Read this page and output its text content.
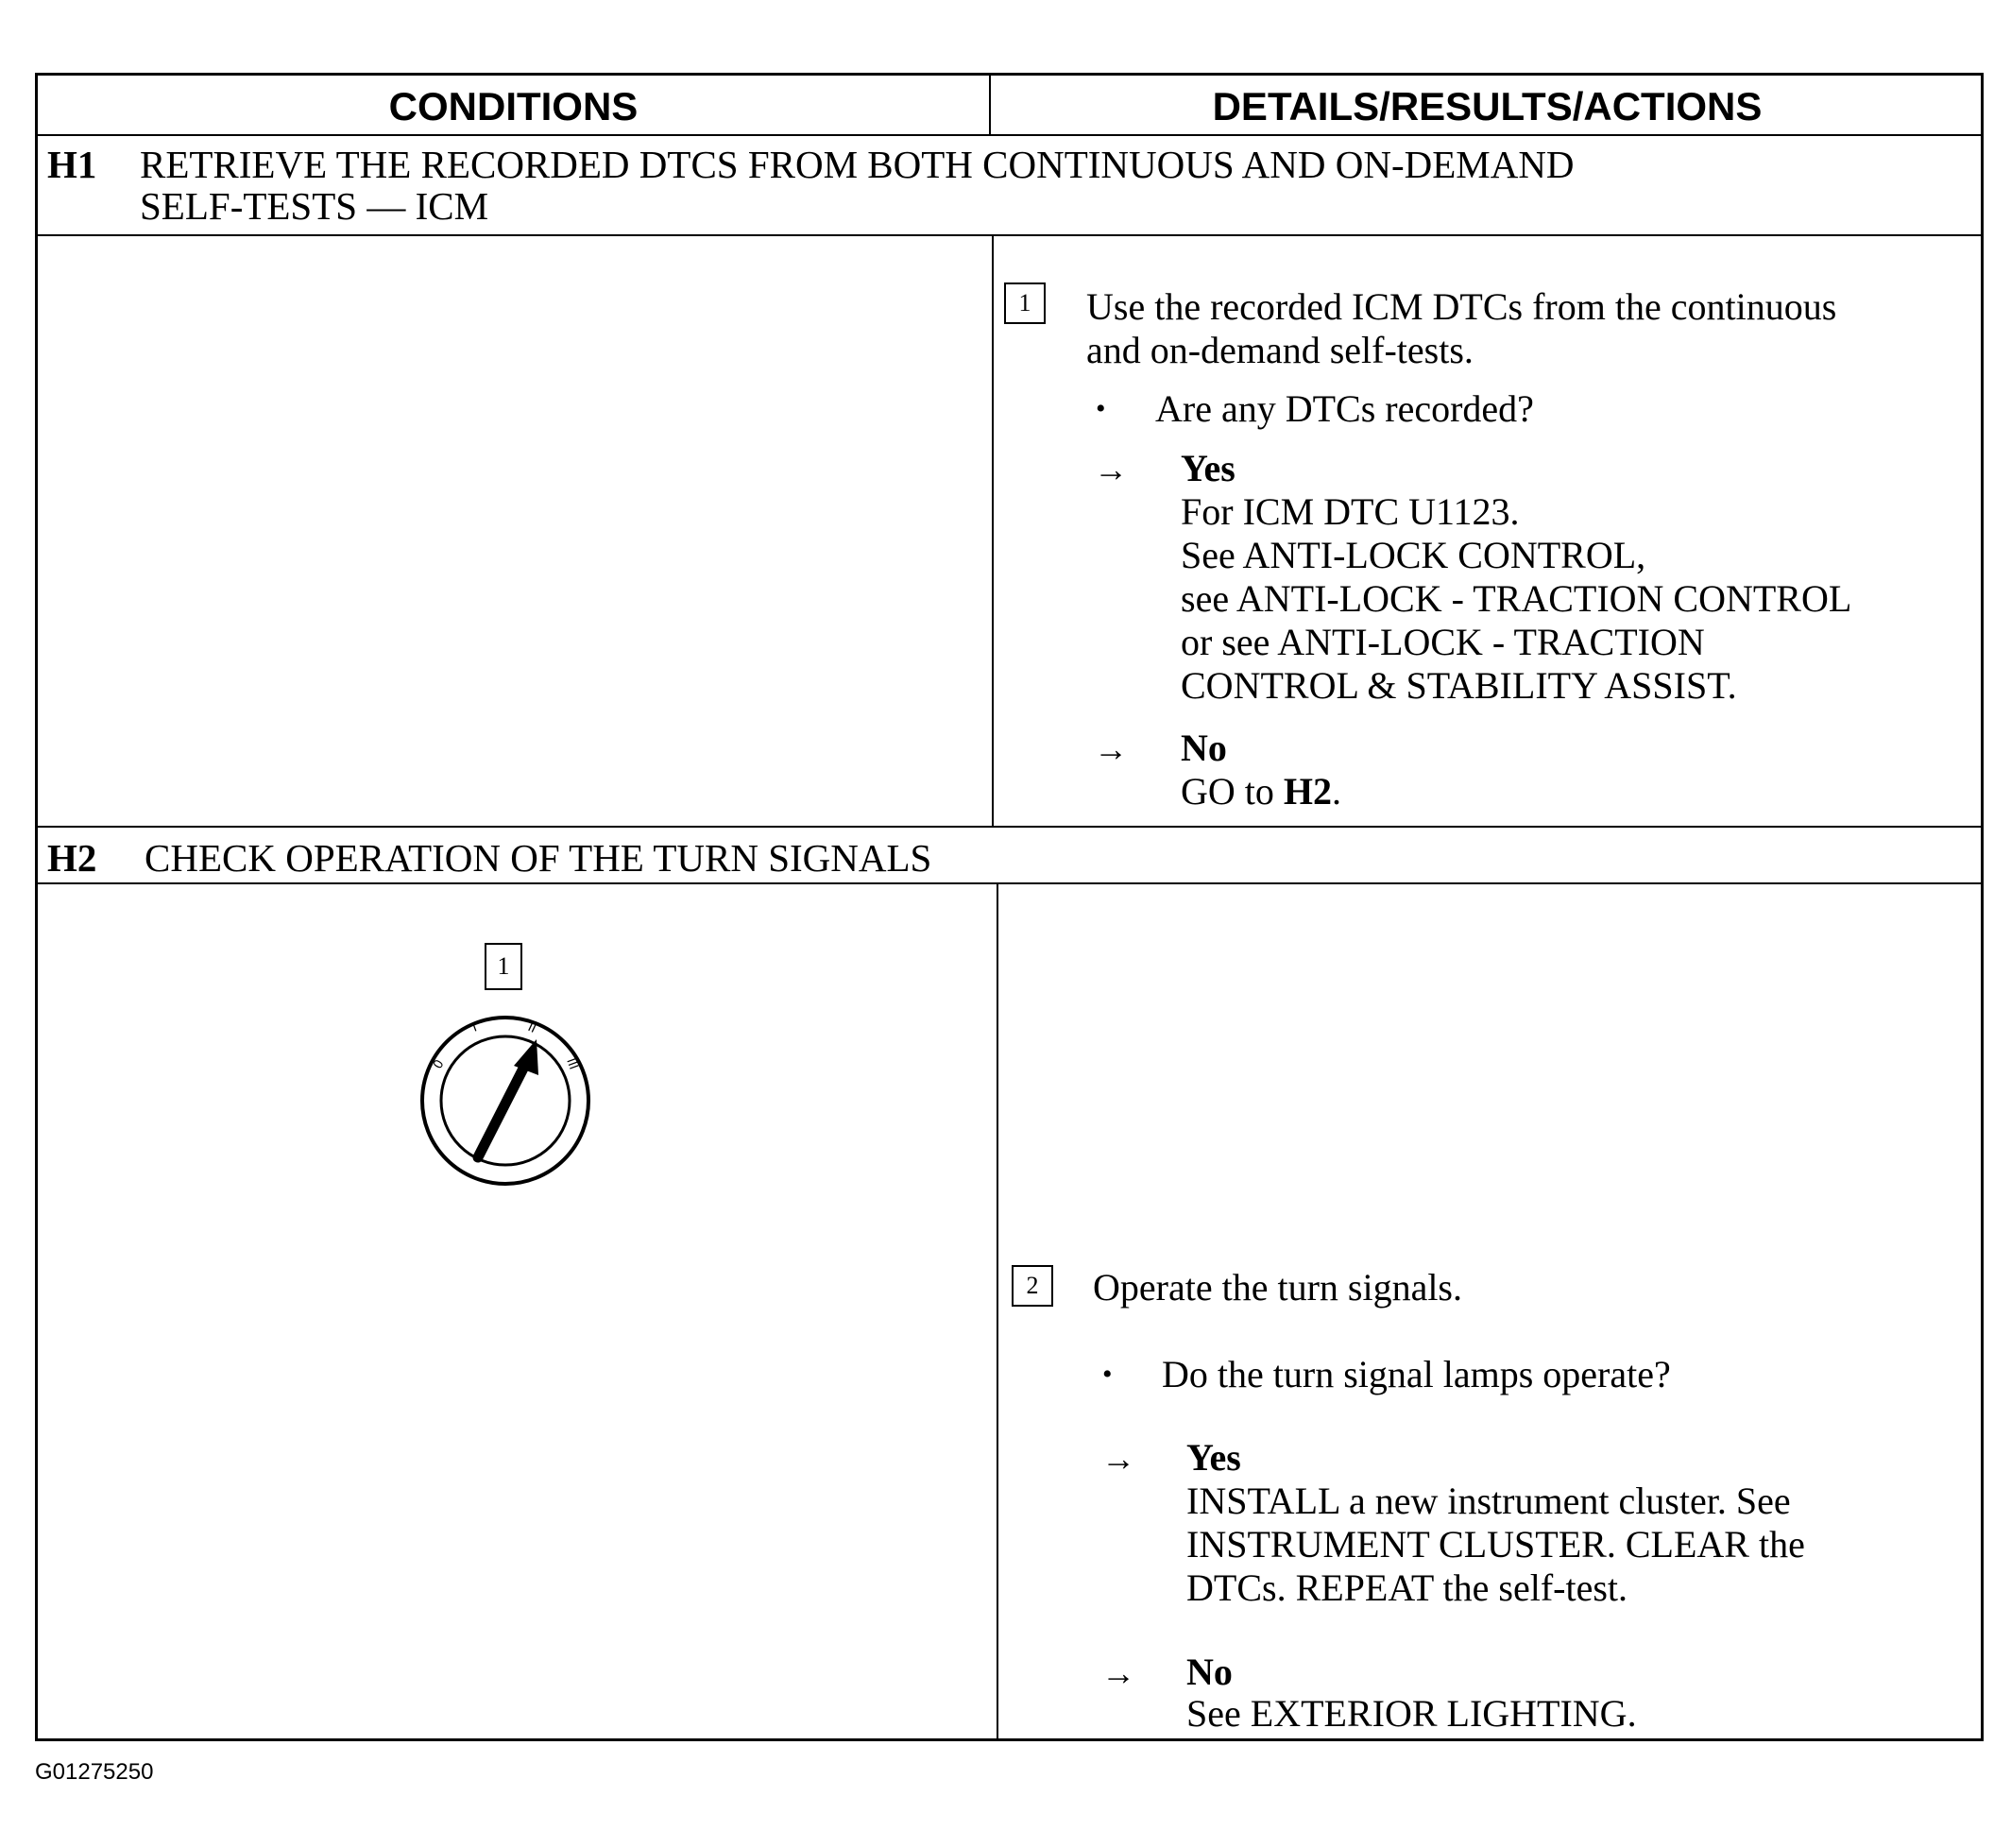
CONDITIONS	DETAILS/RESULTS/ACTIONS
H1 RETRIEVE THE RECORDED DTCS FROM BOTH CONTINUOUS AND ON-DEMAND
SELF-TESTS — ICM
1	Use the recorded ICM DTCs from the continuous
and on-demand self-tests.
• Are any DTCs recorded?
→ Yes
For ICM DTC U1123.
See ANTI-LOCK CONTROL,
see ANTI-LOCK - TRACTION CONTROL
or see ANTI-LOCK - TRACTION
CONTROL & STABILITY ASSIST.
→ No
GO to H2.
H2 CHECK OPERATION OF THE TURN SIGNALS
1
0
I	II
III
2	Operate the turn signals.
• Do the turn signal lamps operate?
→ Yes
INSTALL a new instrument cluster. See
INSTRUMENT CLUSTER. CLEAR the
DTCs. REPEAT the self-test.
→ No
See EXTERIOR LIGHTING.
G01275250
